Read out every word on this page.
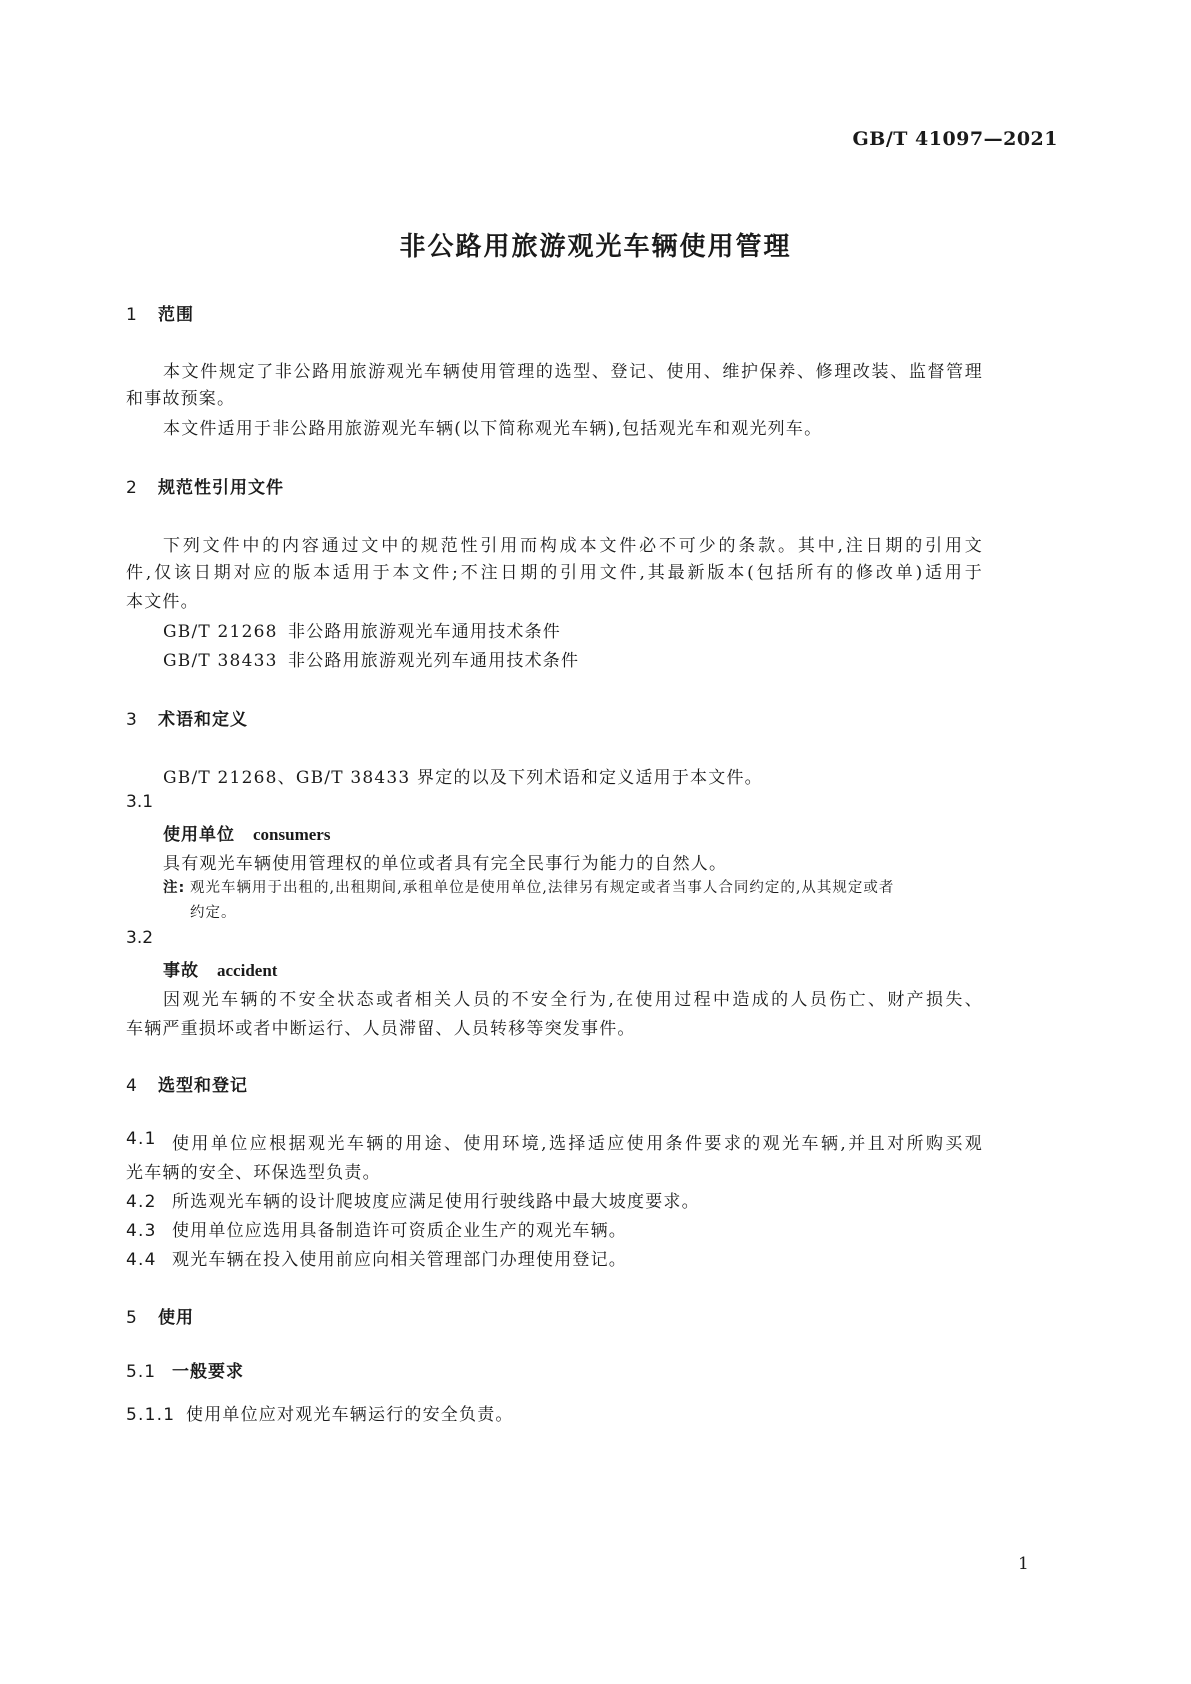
GB/T 41097—2021
非公路用旅游观光车辆使用管理
1 范围
本文件规定了非公路用旅游观光车辆使用管理的选型、登记、使用、维护保养、修理改装、监督管理
和事故预案。
本文件适用于非公路用旅游观光车辆(以下简称观光车辆),包括观光车和观光列车。
2 规范性引用文件
下列文件中的内容通过文中的规范性引用而构成本文件必不可少的条款。其中,注日期的引用文
件,仅该日期对应的版本适用于本文件;不注日期的引用文件,其最新版本(包括所有的修改单)适用于
本文件。
GB/T 21268 非公路用旅游观光车通用技术条件
GB/T 38433 非公路用旅游观光列车通用技术条件
3 术语和定义
GB/T 21268、GB/T 38433 界定的以及下列术语和定义适用于本文件。
3.1
使用单位 consumers
具有观光车辆使用管理权的单位或者具有完全民事行为能力的自然人。
注: 观光车辆用于出租的,出租期间,承租单位是使用单位,法律另有规定或者当事人合同约定的,从其规定或者
约定。
3.2
事故 accident
因观光车辆的不安全状态或者相关人员的不安全行为,在使用过程中造成的人员伤亡、财产损失、
车辆严重损坏或者中断运行、人员滞留、人员转移等突发事件。
4 选型和登记
4.1 使用单位应根据观光车辆的用途、使用环境,选择适应使用条件要求的观光车辆,并且对所购买观
光车辆的安全、环保选型负责。
4.2 所选观光车辆的设计爬坡度应满足使用行驶线路中最大坡度要求。
4.3 使用单位应选用具备制造许可资质企业生产的观光车辆。
4.4 观光车辆在投入使用前应向相关管理部门办理使用登记。
5 使用
5.1 一般要求
5.1.1 使用单位应对观光车辆运行的安全负责。
1
